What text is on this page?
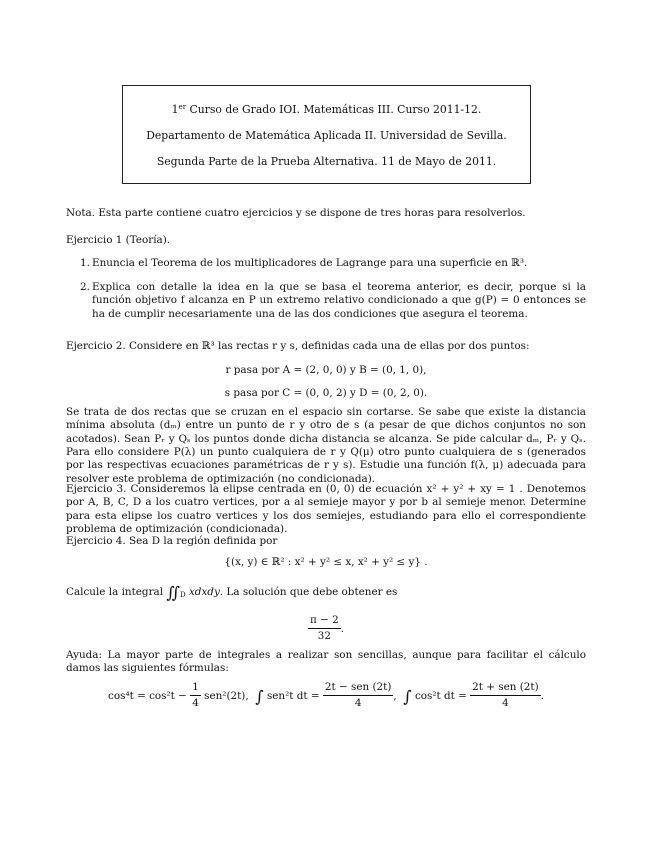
1er Curso de Grado IOI. Matemáticas III. Curso 2011-12.

Departamento de Matemática Aplicada II. Universidad de Sevilla.

Segunda Parte de la Prueba Alternativa. 11 de Mayo de 2011.

Nota. Esta parte contiene cuatro ejercicios y se dispone de tres horas para resolverlos.

Ejercicio 1 (Teoría).

1. Enuncia el Teorema de los multiplicadores de Lagrange para una superficie en ℝ³.
2. Explica con detalle la idea en la que se basa el teorema anterior, es decir, porque si la función objetivo f alcanza en P un extremo relativo condicionado a que g(P) = 0 entonces se ha de cumplir necesariamente una de las dos condiciones que asegura el teorema.

Ejercicio 2. Considere en ℝ³ las rectas r y s, definidas cada una de ellas por dos puntos:

r pasa por A = (2, 0, 0) y B = (0, 1, 0),

s pasa por C = (0, 0, 2) y D = (0, 2, 0).

Se trata de dos rectas que se cruzan en el espacio sin cortarse. Se sabe que existe la distancia mínima absoluta (dₘ) entre un punto de r y otro de s (a pesar de que dichos conjuntos no son acotados). Sean Pᵣ y Qₛ los puntos donde dicha distancia se alcanza. Se pide calcular dₘ, Pᵣ y Qₛ. Para ello considere P(λ) un punto cualquiera de r y Q(μ) otro punto cualquiera de s (generados por las respectivas ecuaciones paramétricas de r y s). Estudie una función f(λ, μ) adecuada para resolver este problema de optimización (no condicionada).

Ejercicio 3. Consideremos la elipse centrada en (0, 0) de ecuación x² + y² + xy = 1 . Denotemos por A, B, C, D a los cuatro vertices, por a al semieje mayor y por b al semieje menor. Determine para esta elipse los cuatro vertices y los dos semiejes, estudiando para ello el correspondiente problema de optimización (condicionada).

Ejercicio 4. Sea D la región definida por

{(x, y) ∈ ℝ² : x² + y² ≤ x, x² + y² ≤ y} .

Calcule la integral $∬_D$ xdxdy. La solución que debe obtener es

$\frac{\pi - 2}{32}$ .

Ayuda: La mayor parte de integrales a realizar son sencillas, aunque para facilitar el cálculo damos las siguientes fórmulas:

$\cos^4t = \cos^2t - \frac{1}{4} sen^2(2t)$, ∫ sen²t dt = $\frac{\text{2t − sen (2t)}}{4}$ , ∫ cos²t dt = $\frac{\text{2t + sen (2t)}}{4}$ .
